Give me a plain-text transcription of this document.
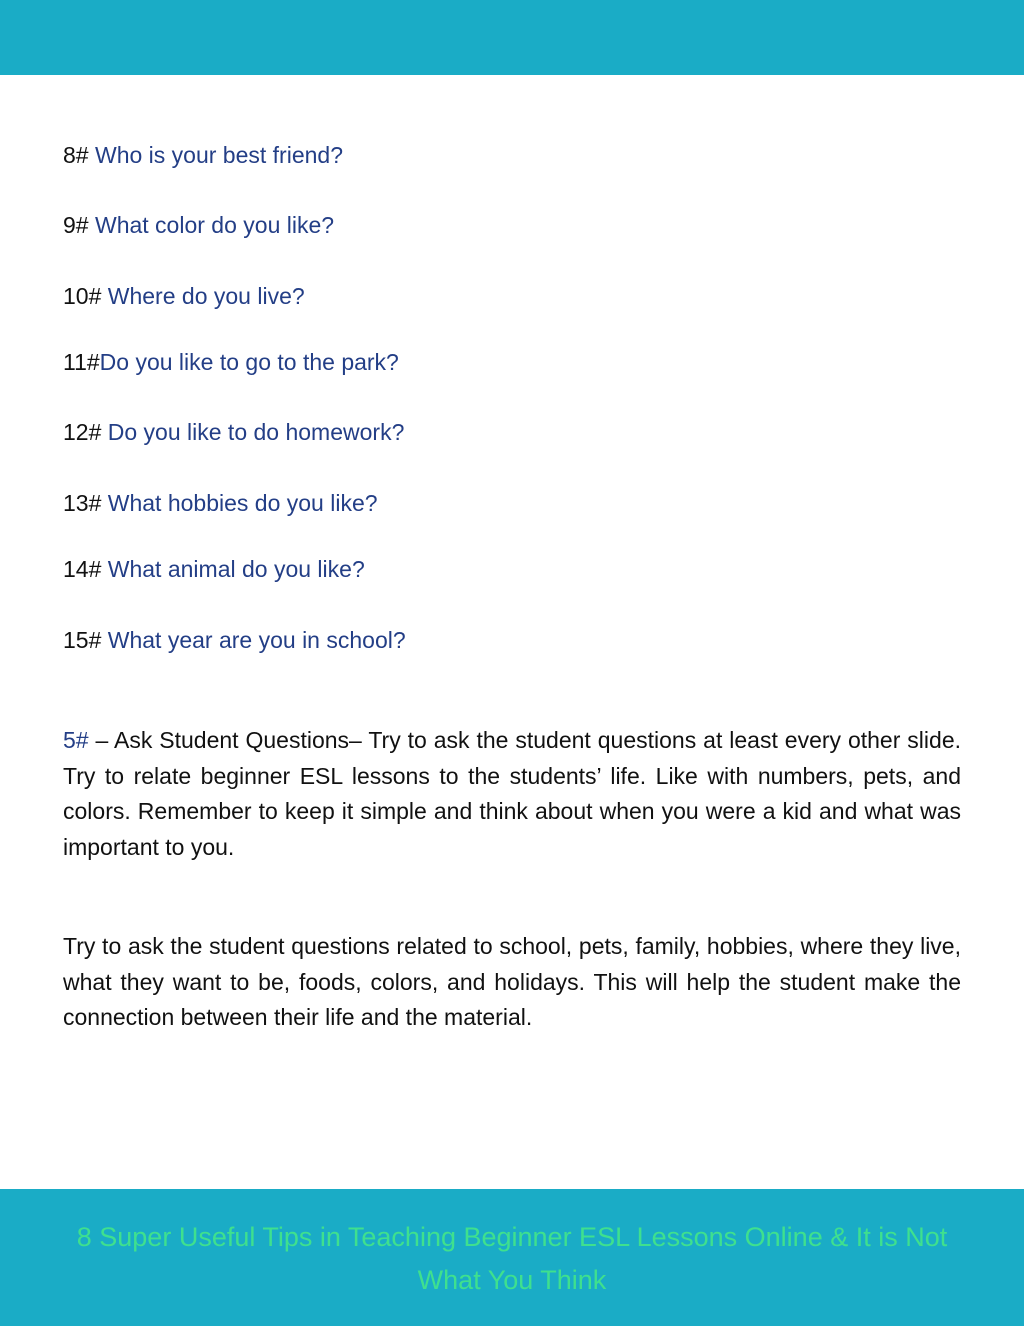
8# Who is your best friend?
9# What color do you like?
10# Where do you live?
11#Do you like to go to the park?
12# Do you like to do homework?
13# What hobbies do you like?
14# What animal do you like?
15# What year are you in school?

5# – Ask Student Questions– Try to ask the student questions at least every other slide. Try to relate beginner ESL lessons to the students’ life. Like with numbers, pets, and colors. Remember to keep it simple and think about when you were a kid and what was important to you.

Try to ask the student questions related to school, pets, family, hobbies, where they live, what they want to be, foods, colors, and holidays. This will help the student make the connection between their life and the material.

8 Super Useful Tips in Teaching Beginner ESL Lessons Online & It is Not What You Think
